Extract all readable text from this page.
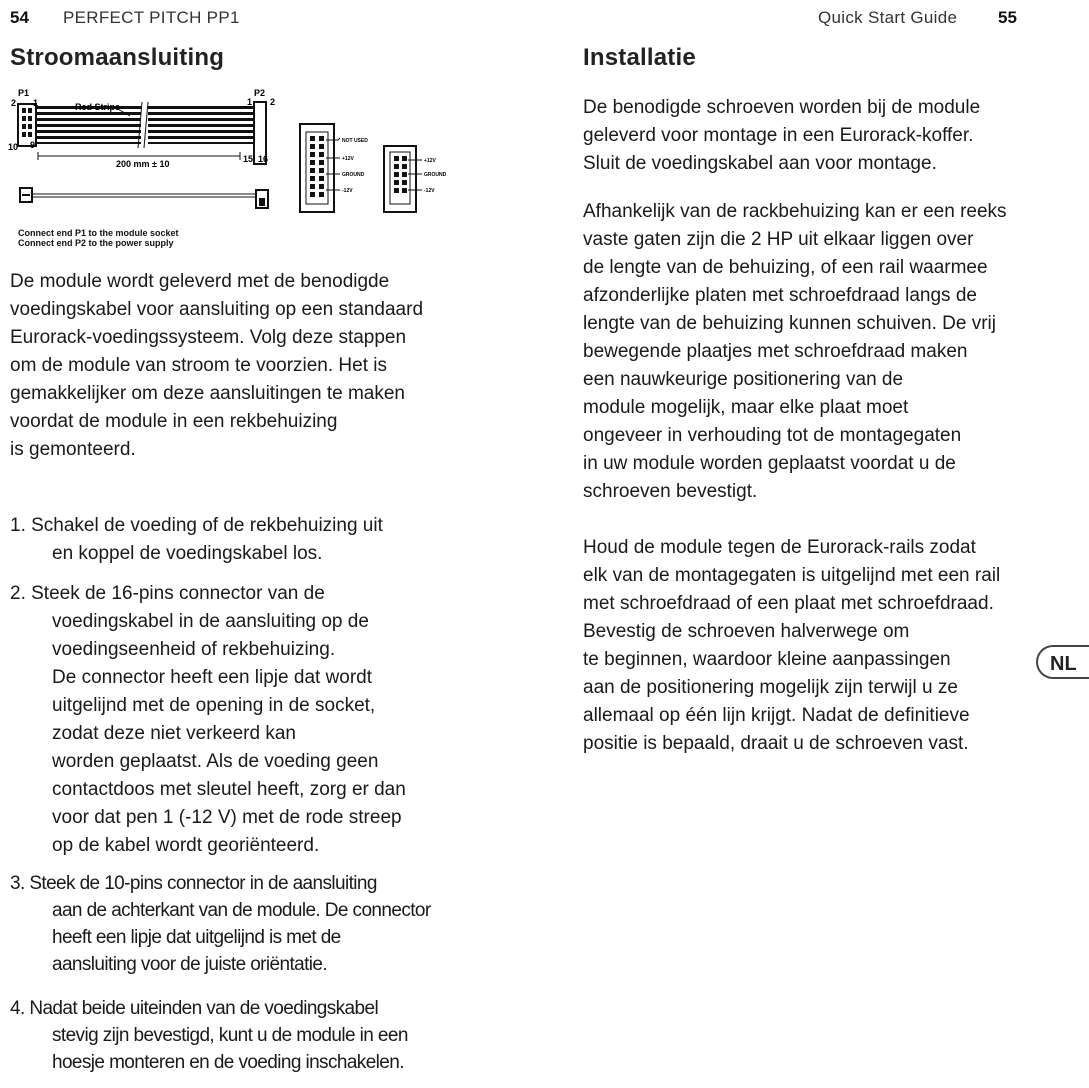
54 PERFECT PITCH PP1	Quick Start Guide 55
Stroomaansluiting
P1
2 1
10 9
Red Stripe
P2
1 2
15 16
200 mm ± 10
NOT USED
+12V
GROUND
-12V
+12V
GROUND
-12V
Connect end P1 to the module socket
Connect end P2 to the power supply

De module wordt geleverd met de benodigde

voedingskabel voor aansluiting op een standaard

Eurorack-voedingssysteem. Volg deze stappen

om de module van stroom te voorzien. Het is

gemakkelijker om deze aansluitingen te maken

voordat de module in een rekbehuizing

is gemonteerd.

1. Schakel de voeding of de rekbehuizing uit
en koppel de voedingskabel los.
2. Steek de 16-pins connector van de
voedingskabel in de aansluiting op de
voedingseenheid of rekbehuizing.
De connector heeft een lipje dat wordt
uitgelijnd met de opening in de socket,
zodat deze niet verkeerd kan
worden geplaatst. Als de voeding geen
contactdoos met sleutel heeft, zorg er dan
voor dat pen 1 (-12 V) met de rode streep
op de kabel wordt georiënteerd.
3. Steek de 10-pins connector in de aansluiting
aan de achterkant van de module. De connector
heeft een lipje dat uitgelijnd is met de
aansluiting voor de juiste oriëntatie.
4. Nadat beide uiteinden van de voedingskabel
stevig zijn bevestigd, kunt u de module in een
hoesje monteren en de voeding inschakelen.
Installatie

De benodigde schroeven worden bij de module

geleverd voor montage in een Eurorack-koffer.

Sluit de voedingskabel aan voor montage.

Afhankelijk van de rackbehuizing kan er een reeks

vaste gaten zijn die 2 HP uit elkaar liggen over

de lengte van de behuizing, of een rail waarmee

afzonderlijke platen met schroefdraad langs de

lengte van de behuizing kunnen schuiven. De vrij

bewegende plaatjes met schroefdraad maken

een nauwkeurige positionering van de

module mogelijk, maar elke plaat moet

ongeveer in verhouding tot de montagegaten

in uw module worden geplaatst voordat u de

schroeven bevestigt.

Houd de module tegen de Eurorack-rails zodat

elk van de montagegaten is uitgelijnd met een rail

met schroefdraad of een plaat met schroefdraad.

Bevestig de schroeven halverwege om

te beginnen, waardoor kleine aanpassingen

aan de positionering mogelijk zijn terwijl u ze

allemaal op één lijn krijgt. Nadat de definitieve

positie is bepaald, draait u de schroeven vast.

NL
